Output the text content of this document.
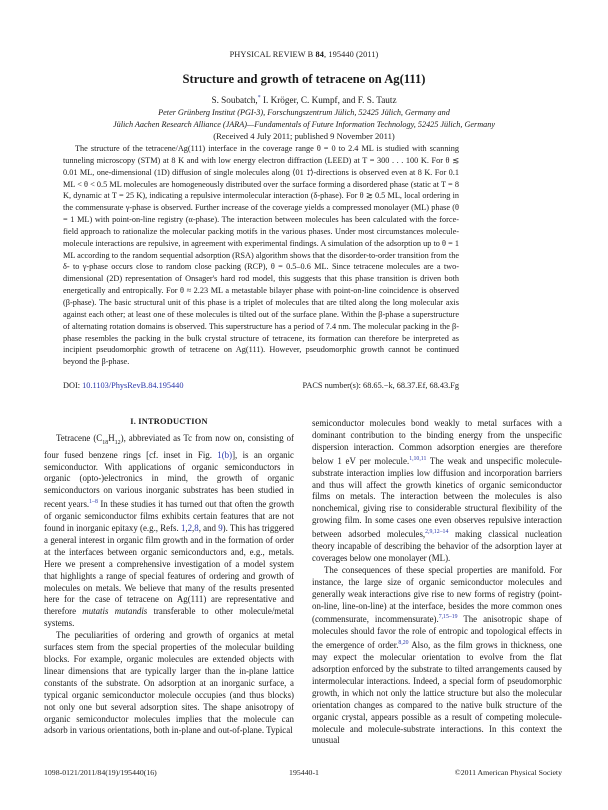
PHYSICAL REVIEW B 84, 195440 (2011)
Structure and growth of tetracene on Ag(111)
S. Soubatch,* I. Kröger, C. Kumpf, and F. S. Tautz
Peter Grünberg Institut (PGI-3), Forschungszentrum Jülich, 52425 Jülich, Germany and
Jülich Aachen Research Alliance (JARA)—Fundamentals of Future Information Technology, 52425 Jülich, Germany
(Received 4 July 2011; published 9 November 2011)
The structure of the tetracene/Ag(111) interface in the coverage range θ = 0 to 2.4 ML is studied with scanning tunneling microscopy (STM) at 8 K and with low energy electron diffraction (LEED) at T = 300 . . . 100 K. For θ ≲ 0.01 ML, one-dimensional (1D) diffusion of single molecules along ⟨01 1̄⟩-directions is observed even at 8 K. For 0.1 ML < θ < 0.5 ML molecules are homogeneously distributed over the surface forming a disordered phase (static at T = 8 K, dynamic at T = 25 K), indicating a repulsive intermolecular interaction (δ-phase). For θ ≳ 0.5 ML, local ordering in the commensurate γ-phase is observed. Further increase of the coverage yields a compressed monolayer (ML) phase (θ = 1 ML) with point-on-line registry (α-phase). The interaction between molecules has been calculated with the force-field approach to rationalize the molecular packing motifs in the various phases. Under most circumstances molecule-molecule interactions are repulsive, in agreement with experimental findings. A simulation of the adsorption up to θ = 1 ML according to the random sequential adsorption (RSA) algorithm shows that the disorder-to-order transition from the δ- to γ-phase occurs close to random close packing (RCP), θ = 0.5–0.6 ML. Since tetracene molecules are a two-dimensional (2D) representation of Onsager's hard rod model, this suggests that this phase transition is driven both energetically and entropically. For θ ≈ 2.23 ML a metastable bilayer phase with point-on-line coincidence is observed (β-phase). The basic structural unit of this phase is a triplet of molecules that are tilted along the long molecular axis against each other; at least one of these molecules is tilted out of the surface plane. Within the β-phase a superstructure of alternating rotation domains is observed. This superstructure has a period of 7.4 nm. The molecular packing in the β-phase resembles the packing in the bulk crystal structure of tetracene, its formation can therefore be interpreted as incipient pseudomorphic growth of tetracene on Ag(111). However, pseudomorphic growth cannot be continued beyond the β-phase.
DOI: 10.1103/PhysRevB.84.195440	PACS number(s): 68.65.−k, 68.37.Ef, 68.43.Fg
I. INTRODUCTION

Tetracene $(C_{18}H_{12})$, abbreviated as Tc from now on, consisting of four fused benzene rings [cf. inset in Fig. 1(b)], is an organic semiconductor. With applications of organic semiconductors in organic (opto-)electronics in mind, the growth of organic semiconductors on various inorganic substrates has been studied in recent years.$^{1-8}$ In these studies it has turned out that often the growth of organic semiconductor films exhibits certain features that are not found in inorganic epitaxy (e.g., Refs. 1,2,8, and 9). This has triggered a general interest in organic film growth and in the formation of order at the interfaces between organic semiconductors and, e.g., metals. Here we present a comprehensive investigation of a model system that highlights a range of special features of ordering and growth of molecules on metals. We believe that many of the results presented here for the case of tetracene on Ag(111) are representative and therefore mutatis mutandis transferable to other molecule/metal systems.

The peculiarities of ordering and growth of organics at metal surfaces stem from the special properties of the molecular building blocks. For example, organic molecules are extended objects with linear dimensions that are typically larger than the in-plane lattice constants of the substrate. On adsorption at an inorganic surface, a typical organic semiconductor molecule occupies (and thus blocks) not only one but several adsorption sites. The shape anisotropy of organic semiconductor molecules implies that the molecule can adsorb in various orientations, both in-plane and out-of-plane. Typical

semiconductor molecules bond weakly to metal surfaces with a dominant contribution to the binding energy from the unspecific dispersion interaction. Common adsorption energies are therefore below 1 eV per molecule.$^{1,10,11}$ The weak and unspecific molecule-substrate interaction implies low diffusion and incorporation barriers and thus will affect the growth kinetics of organic semiconductor films on metals. The interaction between the molecules is also nonchemical, giving rise to considerable structural flexibility of the growing film. In some cases one even observes repulsive interaction between adsorbed molecules,$^{2,9,12-14}$ making classical nucleation theory incapable of describing the behavior of the adsorption layer at coverages below one monolayer (ML).

The consequences of these special properties are manifold. For instance, the large size of organic semiconductor molecules and generally weak interactions give rise to new forms of registry (point-on-line, line-on-line) at the interface, besides the more common ones (commensurate, incommensurate).$^{7,15-19}$ The anisotropic shape of molecules should favor the role of entropic and topological effects in the emergence of order.$^{8,20}$ Also, as the film grows in thickness, one may expect the molecular orientation to evolve from the flat adsorption enforced by the substrate to tilted arrangements caused by intermolecular interactions. Indeed, a special form of pseudomorphic growth, in which not only the lattice structure but also the molecular orientation changes as compared to the native bulk structure of the organic crystal, appears possible as a result of competing molecule-molecule and molecule-substrate interactions. In this context the unusual

1098-0121/2011/84(19)/195440(16)	195440-1	©2011 American Physical Society
